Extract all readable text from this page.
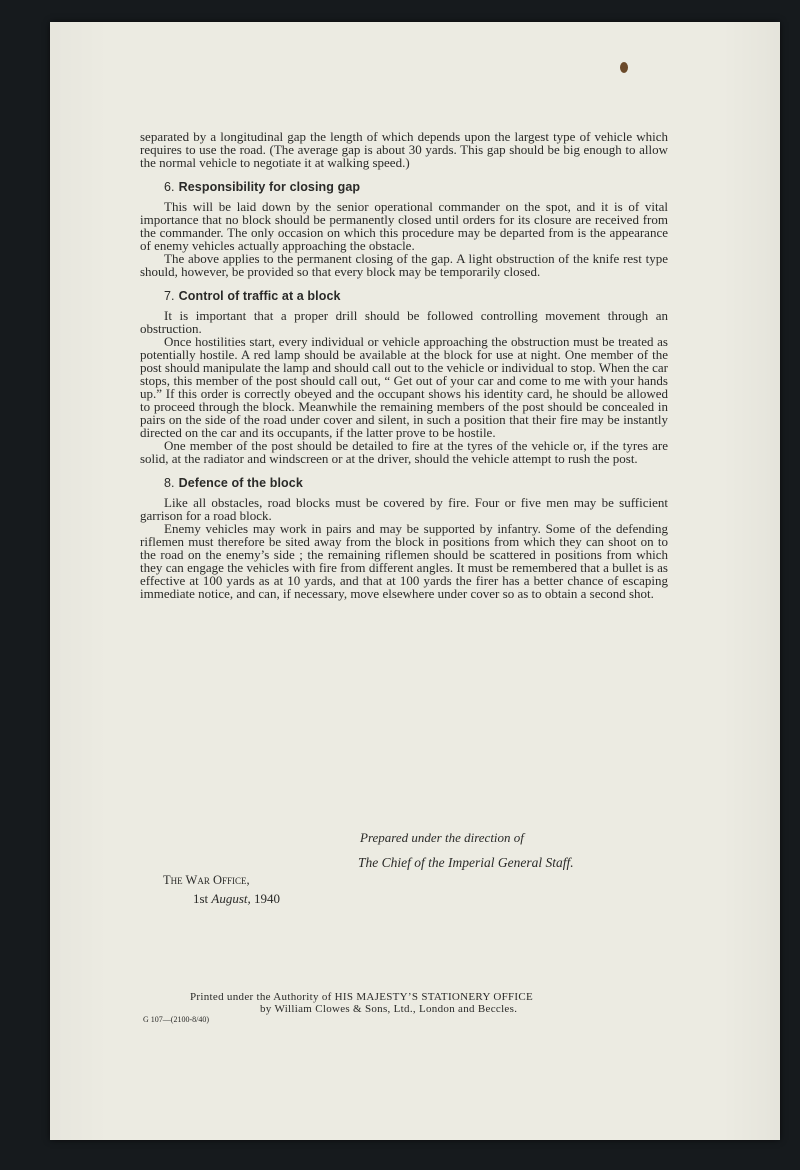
separated by a longitudinal gap the length of which depends upon the largest type of vehicle which requires to use the road. (The average gap is about 30 yards. This gap should be big enough to allow the normal vehicle to negotiate it at walking speed.)

6. Responsibility for closing gap

This will be laid down by the senior operational commander on the spot, and it is of vital importance that no block should be permanently closed until orders for its closure are received from the commander. The only occasion on which this procedure may be departed from is the appearance of enemy vehicles actually approaching the obstacle.

The above applies to the permanent closing of the gap. A light obstruction of the knife rest type should, however, be provided so that every block may be temporarily closed.

7. Control of traffic at a block

It is important that a proper drill should be followed controlling movement through an obstruction.

Once hostilities start, every individual or vehicle approaching the obstruction must be treated as potentially hostile. A red lamp should be available at the block for use at night. One member of the post should manipulate the lamp and should call out to the vehicle or individual to stop. When the car stops, this member of the post should call out, “ Get out of your car and come to me with your hands up.” If this order is correctly obeyed and the occupant shows his identity card, he should be allowed to proceed through the block. Meanwhile the remaining members of the post should be concealed in pairs on the side of the road under cover and silent, in such a position that their fire may be instantly directed on the car and its occupants, if the latter prove to be hostile.

One member of the post should be detailed to fire at the tyres of the vehicle or, if the tyres are solid, at the radiator and windscreen or at the driver, should the vehicle attempt to rush the post.

8. Defence of the block

Like all obstacles, road blocks must be covered by fire. Four or five men may be sufficient garrison for a road block.

Enemy vehicles may work in pairs and may be supported by infantry. Some of the defending riflemen must therefore be sited away from the block in positions from which they can shoot on to the road on the enemy’s side ; the remaining riflemen should be scattered in positions from which they can engage the vehicles with fire from different angles. It must be remembered that a bullet is as effective at 100 yards as at 10 yards, and that at 100 yards the firer has a better chance of escaping immediate notice, and can, if necessary, move elsewhere under cover so as to obtain a second shot.

Prepared under the direction of
The Chief of the Imperial General Staff.
The War Office,
1st August, 1940
Printed under the Authority of HIS MAJESTY’S STATIONERY OFFICE
by William Clowes & Sons, Ltd., London and Beccles.
G 107—(2100-8/40)
